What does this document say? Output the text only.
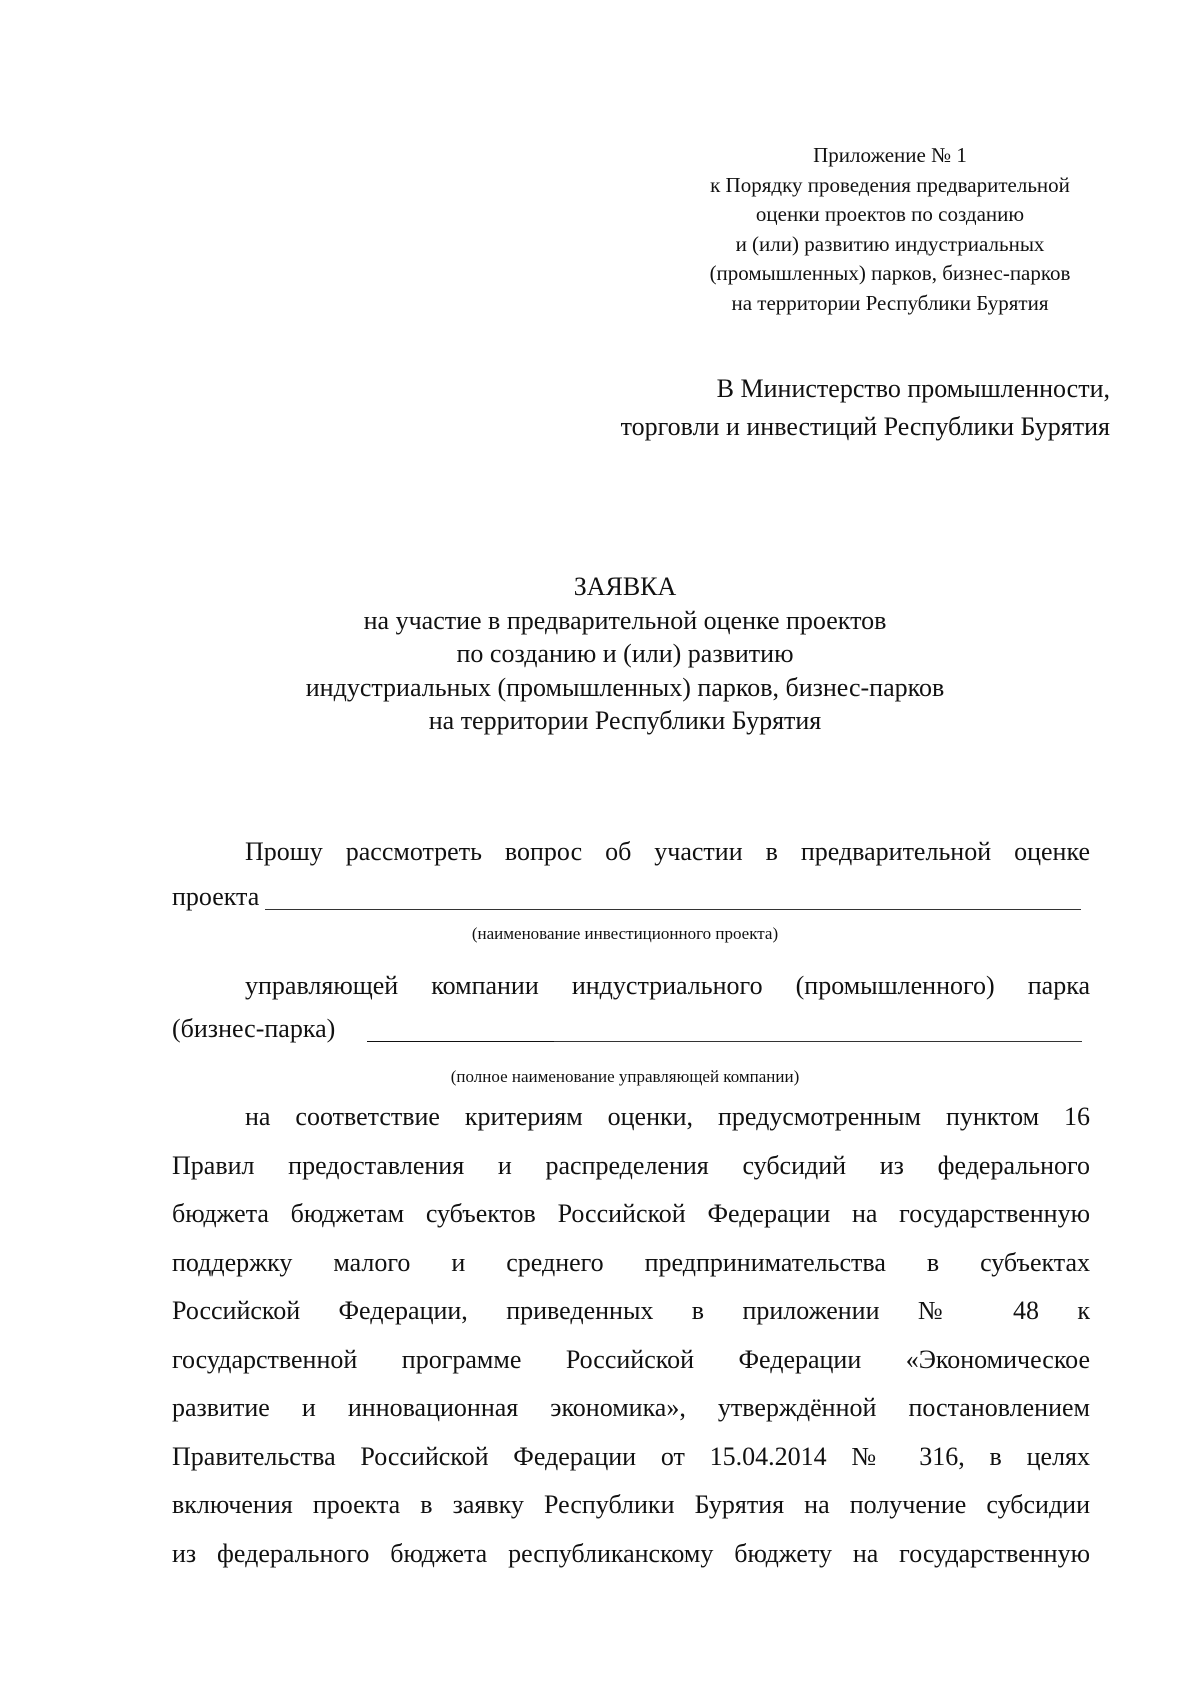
Приложение № 1
к Порядку проведения предварительной
оценки проектов по созданию
и (или) развитию индустриальных
(промышленных) парков, бизнес-парков
на территории Республики Бурятия
В Министерство промышленности,
торговли и инвестиций Республики Бурятия
ЗАЯВКА
на участие в предварительной оценке проектов
по созданию и (или) развитию
индустриальных (промышленных) парков, бизнес-парков
на территории Республики Бурятия
Прошу рассмотреть вопрос об участии в предварительной оценке
проекта
(наименование инвестиционного проекта)
управляющей компании индустриального (промышленного) парка
(бизнес-парка)
(полное наименование управляющей компании)
на соответствие критериям оценки, предусмотренным пунктом 16
Правил предоставления и распределения субсидий из федерального
бюджета бюджетам субъектов Российской Федерации на государственную
поддержку малого и среднего предпринимательства в субъектах
Российской Федерации, приведенных в приложении № 48 к
государственной программе Российской Федерации «Экономическое
развитие и инновационная экономика», утверждённой постановлением
Правительства Российской Федерации от 15.04.2014 № 316, в целях
включения проекта в заявку Республики Бурятия на получение субсидии
из федерального бюджета республиканскому бюджету на государственную
